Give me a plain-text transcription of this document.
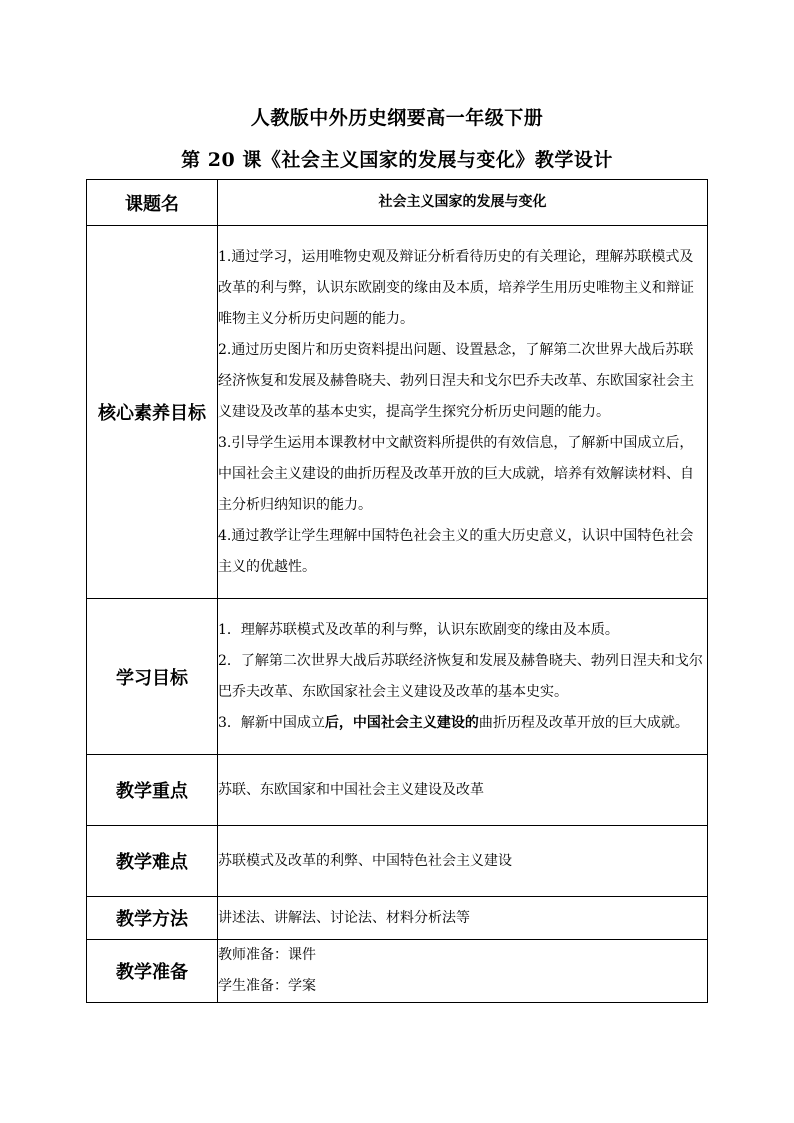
人教版中外历史纲要高一年级下册
第 20 课《社会主义国家的发展与变化》教学设计
课题名	社会主义国家的发展与变化
核心素养目标	1.通过学习，运用唯物史观及辩证分析看待历史的有关理论，理解苏联模式及改革的利与弊，认识东欧剧变的缘由及本质，培养学生用历史唯物主义和辩证唯物主义分析历史问题的能力。

2.通过历史图片和历史资料提出问题、设置悬念，了解第二次世界大战后苏联经济恢复和发展及赫鲁晓夫、勃列日涅夫和戈尔巴乔夫改革、东欧国家社会主义建设及改革的基本史实，提高学生探究分析历史问题的能力。

3.引导学生运用本课教材中文献资料所提供的有效信息，了解新中国成立后，中国社会主义建设的曲折历程及改革开放的巨大成就，培养有效解读材料、自主分析归纳知识的能力。

4.通过教学让学生理解中国特色社会主义的重大历史意义，认识中国特色社会主义的优越性。

学习目标	1．理解苏联模式及改革的利与弊，认识东欧剧变的缘由及本质。

2．了解第二次世界大战后苏联经济恢复和发展及赫鲁晓夫、勃列日涅夫和戈尔巴乔夫改革、东欧国家社会主义建设及改革的基本史实。

3．解新中国成立后，中国社会主义建设的曲折历程及改革开放的巨大成就。

教学重点	苏联、东欧国家和中国社会主义建设及改革
教学难点	苏联模式及改革的利弊、中国特色社会主义建设
教学方法	讲述法、讲解法、讨论法、材料分析法等
教学准备	教师准备：课件

学生准备：学案
